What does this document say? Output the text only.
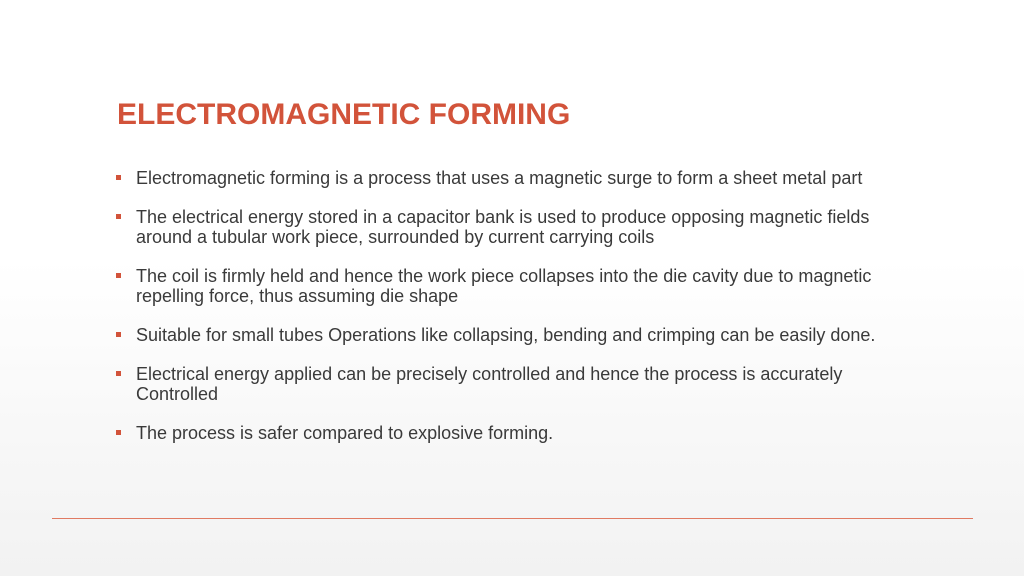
ELECTROMAGNETIC FORMING
Electromagnetic forming is a process that uses a magnetic surge to form a sheet metal part
The electrical energy stored in a capacitor bank is used to produce opposing magnetic fields around a tubular work piece, surrounded by current carrying coils
The coil is firmly held and hence the work piece collapses into the die cavity due to magnetic repelling force, thus assuming die shape
Suitable for small tubes Operations like collapsing, bending and crimping can be easily done.
Electrical energy applied can be precisely controlled and hence the process is accurately Controlled
The process is safer compared to explosive forming.
